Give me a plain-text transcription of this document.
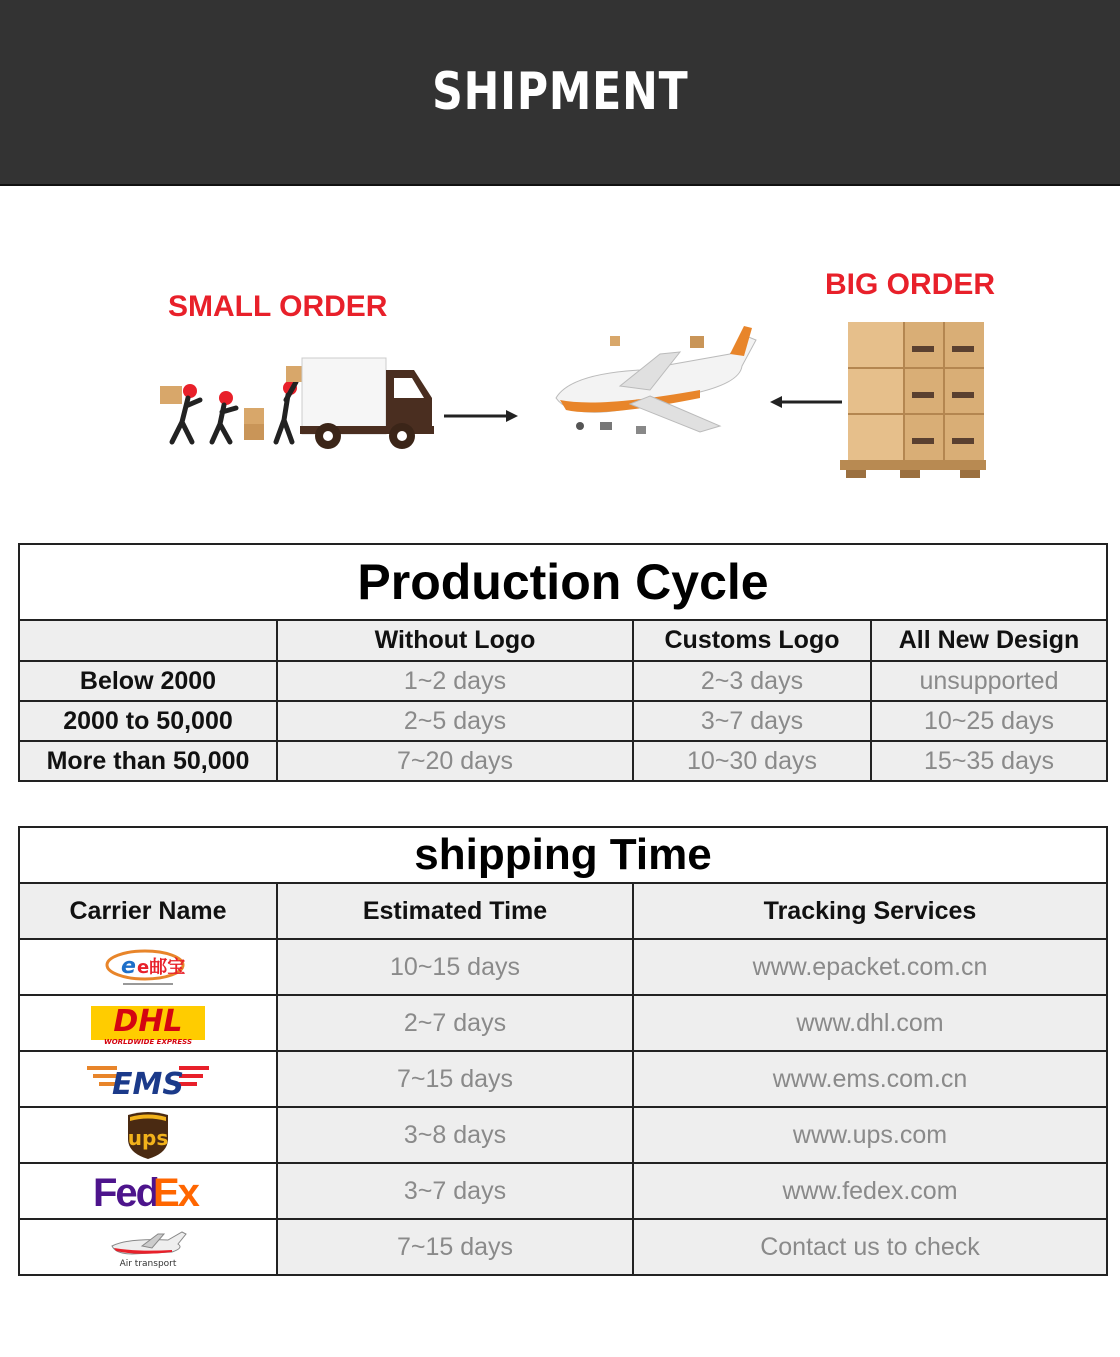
SHIPMENT
SMALL ORDER
BIG ORDER
Production Cycle			
	Without Logo	Customs Logo	All New Design
Below 2000	1~2 days	2~3 days	unsupported
2000 to 50,000	2~5 days	3~7 days	10~25 days
More than 50,000	7~20 days	10~30 days	15~35 days
shipping Time		
Carrier Name	Estimated Time	Tracking Services

e e邮宝	10~15 days	www.epacket.com.cn

DHL
WORLDWIDE EXPRESS	2~7 days	www.dhl.com

EMS	7~15 days	www.ems.com.cn

ups	3~8 days	www.ups.com

Fed
Ex	3~7 days	www.fedex.com

Air transport	7~15 days	Contact us to check
